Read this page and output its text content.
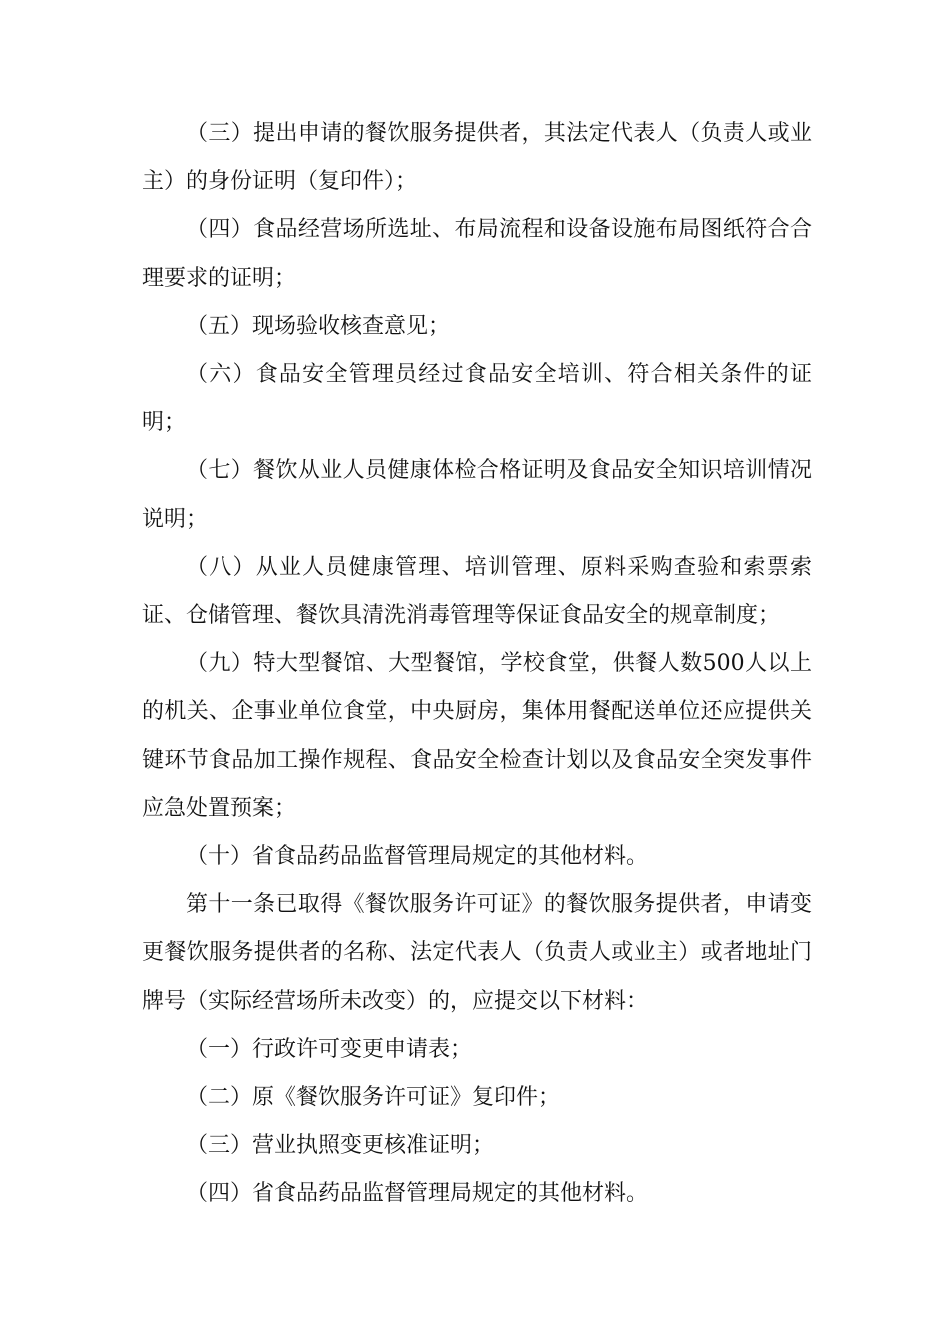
（三）提出申请的餐饮服务提供者，其法定代表人（负责人或业主）的身份证明（复印件）；

（四）食品经营场所选址、布局流程和设备设施布局图纸符合合理要求的证明；

（五）现场验收核查意见；

（六）食品安全管理员经过食品安全培训、符合相关条件的证明；

（七）餐饮从业人员健康体检合格证明及食品安全知识培训情况说明；

（八）从业人员健康管理、培训管理、原料采购查验和索票索证、仓储管理、餐饮具清洗消毒管理等保证食品安全的规章制度；

（九）特大型餐馆、大型餐馆，学校食堂，供餐人数500人以上的机关、企事业单位食堂，中央厨房，集体用餐配送单位还应提供关键环节食品加工操作规程、食品安全检查计划以及食品安全突发事件应急处置预案；

（十）省食品药品监督管理局规定的其他材料。

第十一条已取得《餐饮服务许可证》的餐饮服务提供者，申请变更餐饮服务提供者的名称、法定代表人（负责人或业主）或者地址门牌号（实际经营场所未改变）的，应提交以下材料：

（一）行政许可变更申请表；

（二）原《餐饮服务许可证》复印件；

（三）营业执照变更核准证明；

（四）省食品药品监督管理局规定的其他材料。
